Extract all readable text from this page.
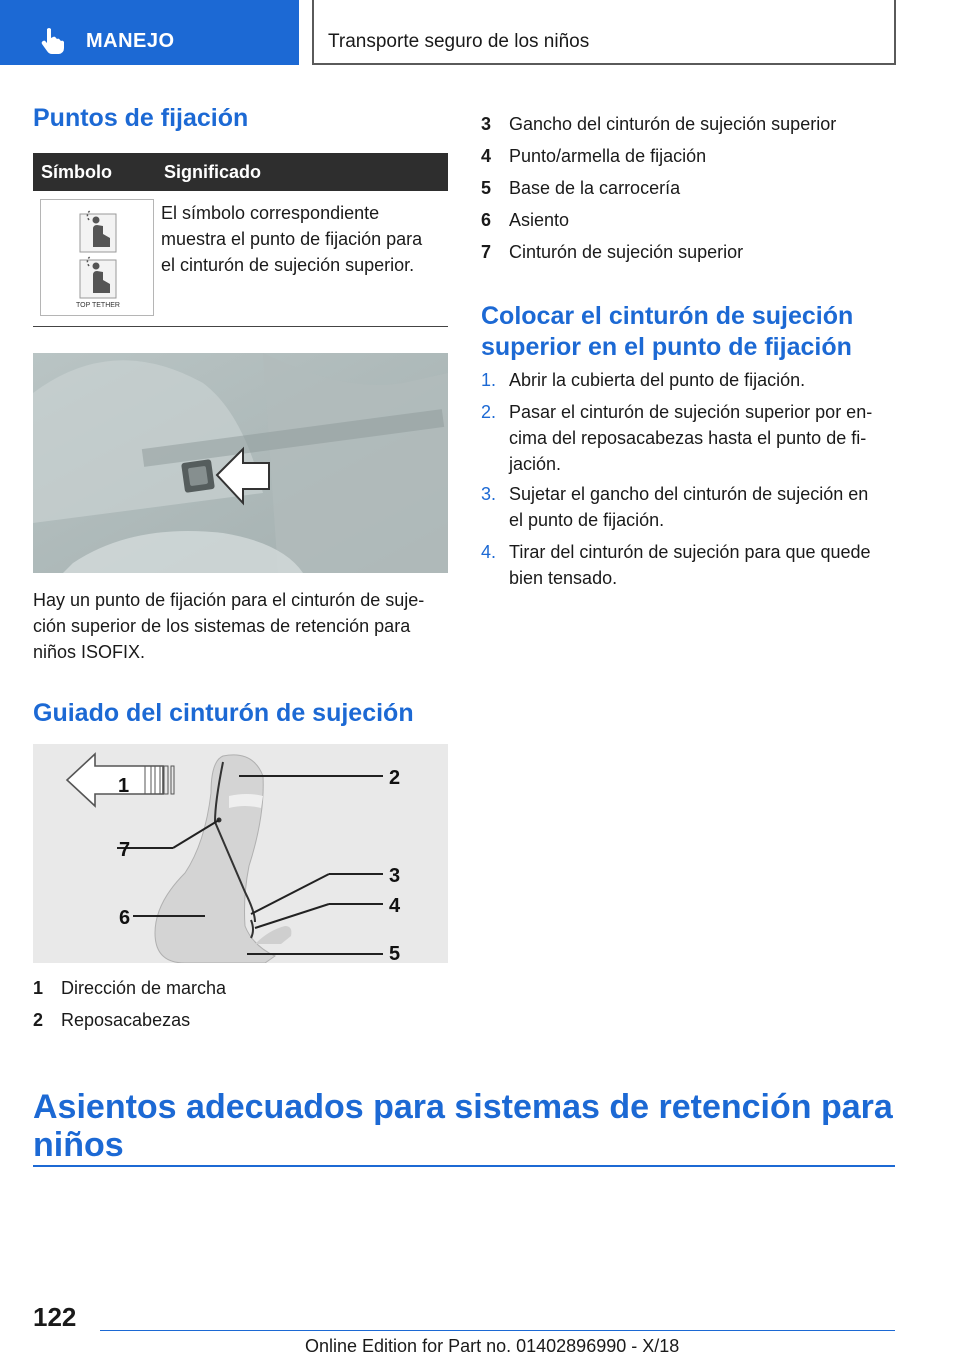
MANEJO	Transporte seguro de los niños
Puntos de fijación
Símbolo	Significado
TOP TETHER
El símbolo correspondiente
muestra el punto de fijación para
el cinturón de sujeción superior.
Hay un punto de fijación para el cinturón de suje-
ción superior de los sistemas de retención para
niños ISOFIX.
Guiado del cinturón de sujeción
1	2
3
4
5
6
7
1 Dirección de marcha
2 Reposacabezas
3 Gancho del cinturón de sujeción superior
4 Punto/armella de fijación
5 Base de la carrocería
6 Asiento
7 Cinturón de sujeción superior
Colocar el cinturón de sujeción
superior en el punto de fijación
1. Abrir la cubierta del punto de fijación.
2. Pasar el cinturón de sujeción superior por en-
cima del reposacabezas hasta el punto de fi-
jación.
3. Sujetar el gancho del cinturón de sujeción en
el punto de fijación.
4. Tirar del cinturón de sujeción para que quede
bien tensado.
Asientos adecuados para sistemas de retención para
niños
122
Online Edition for Part no. 01402896990 - X/18
